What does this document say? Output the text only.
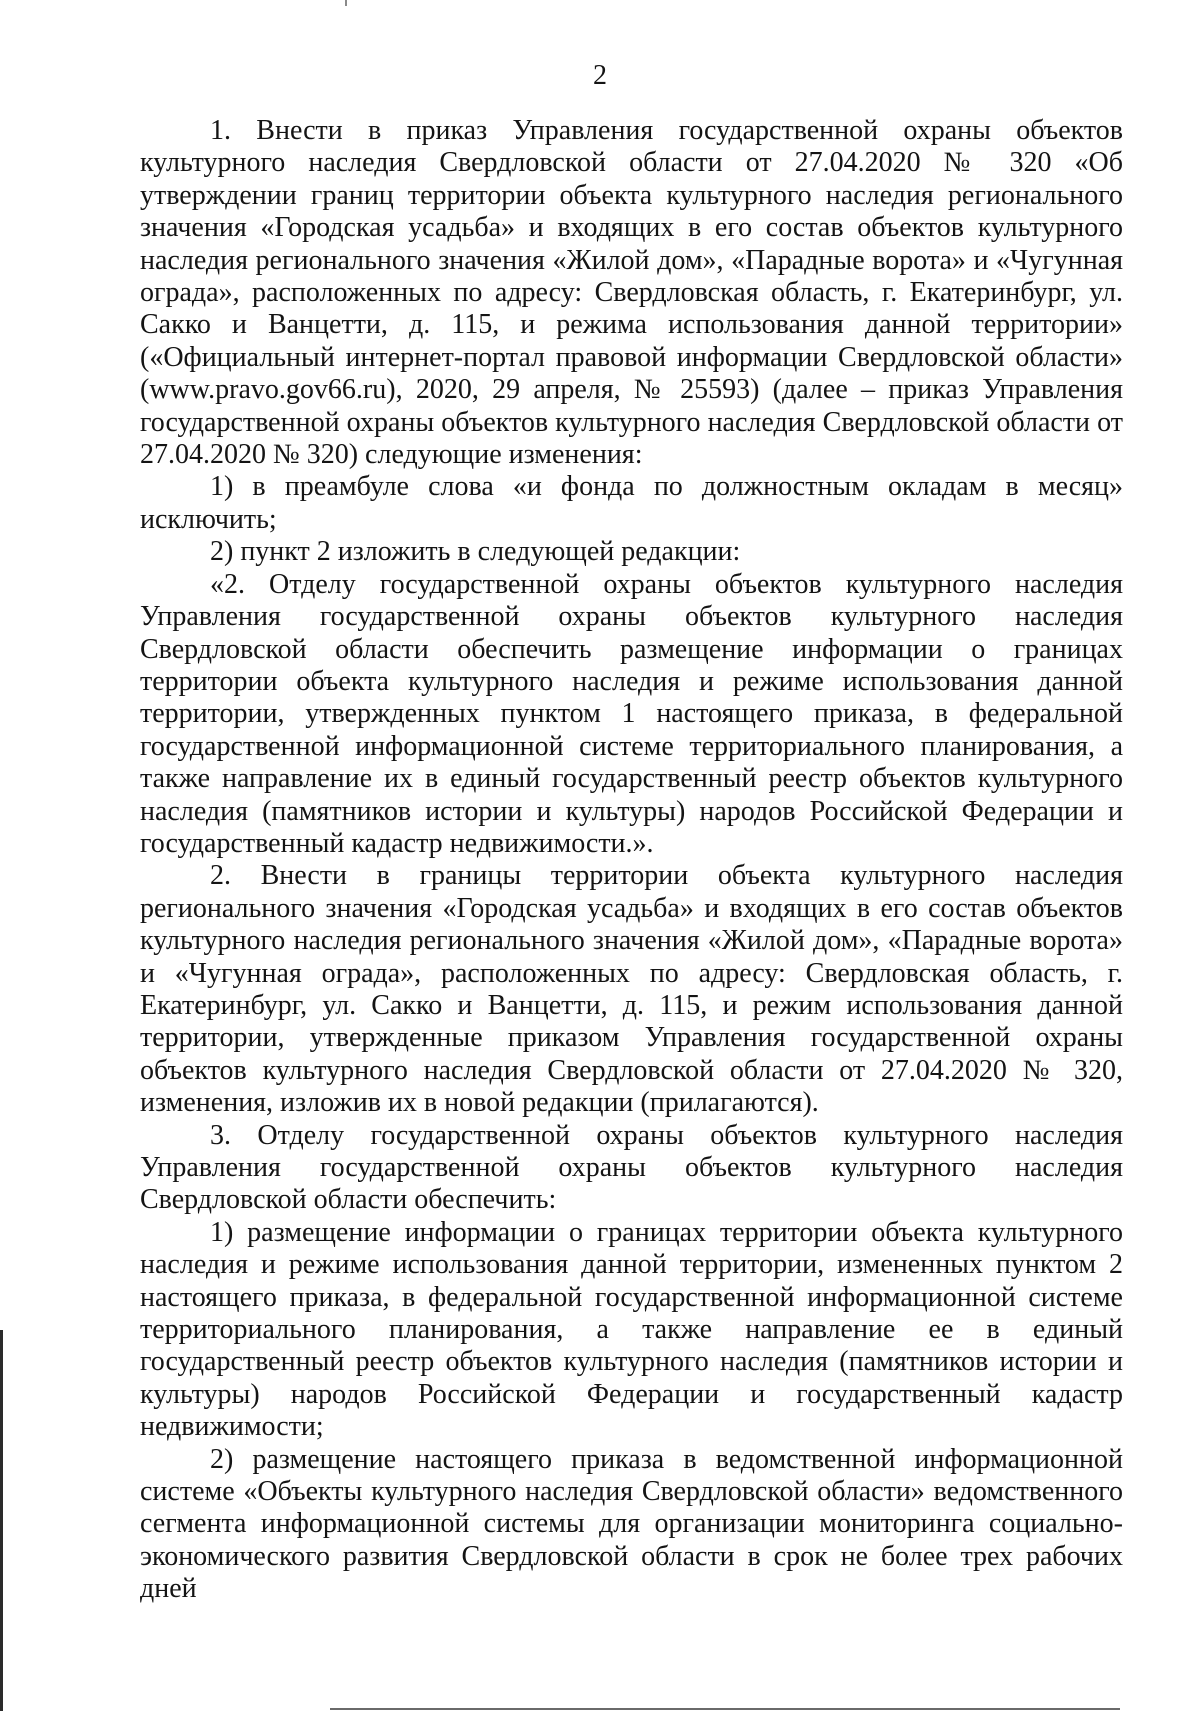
2

1. Внести в приказ Управления государственной охраны объектов культурного наследия Свердловской области от 27.04.2020 № 320 «Об утверждении границ территории объекта культурного наследия регионального значения «Городская усадьба» и входящих в его состав объектов культурного наследия регионального значения «Жилой дом», «Парадные ворота» и «Чугунная ограда», расположенных по адресу: Свердловская область, г. Екатеринбург, ул. Сакко и Ванцетти, д. 115, и режима использования данной территории» («Официальный интернет-портал правовой информации Свердловской области» (www.pravo.gov66.ru), 2020, 29 апреля, № 25593) (далее – приказ Управления государственной охраны объектов культурного наследия Свердловской области от 27.04.2020 № 320) следующие изменения:

1) в преамбуле слова «и фонда по должностным окладам в месяц» исключить;

2) пункт 2 изложить в следующей редакции:

«2. Отделу государственной охраны объектов культурного наследия Управления государственной охраны объектов культурного наследия Свердловской области обеспечить размещение информации о границах территории объекта культурного наследия и режиме использования данной территории, утвержденных пунктом 1 настоящего приказа, в федеральной государственной информационной системе территориального планирования, а также направление их в единый государственный реестр объектов культурного наследия (памятников истории и культуры) народов Российской Федерации и государственный кадастр недвижимости.».

2. Внести в границы территории объекта культурного наследия регионального значения «Городская усадьба» и входящих в его состав объектов культурного наследия регионального значения «Жилой дом», «Парадные ворота» и «Чугунная ограда», расположенных по адресу: Свердловская область, г. Екатеринбург, ул. Сакко и Ванцетти, д. 115, и режим использования данной территории, утвержденные приказом Управления государственной охраны объектов культурного наследия Свердловской области от 27.04.2020 № 320, изменения, изложив их в новой редакции (прилагаются).

3. Отделу государственной охраны объектов культурного наследия Управления государственной охраны объектов культурного наследия Свердловской области обеспечить:

1) размещение информации о границах территории объекта культурного наследия и режиме использования данной территории, измененных пунктом 2 настоящего приказа, в федеральной государственной информационной системе территориального планирования, а также направление ее в единый государственный реестр объектов культурного наследия (памятников истории и культуры) народов Российской Федерации и государственный кадастр недвижимости;

2) размещение настоящего приказа в ведомственной информационной системе «Объекты культурного наследия Свердловской области» ведомственного сегмента информационной системы для организации мониторинга социально-экономического развития Свердловской области в срок не более трех рабочих дней
